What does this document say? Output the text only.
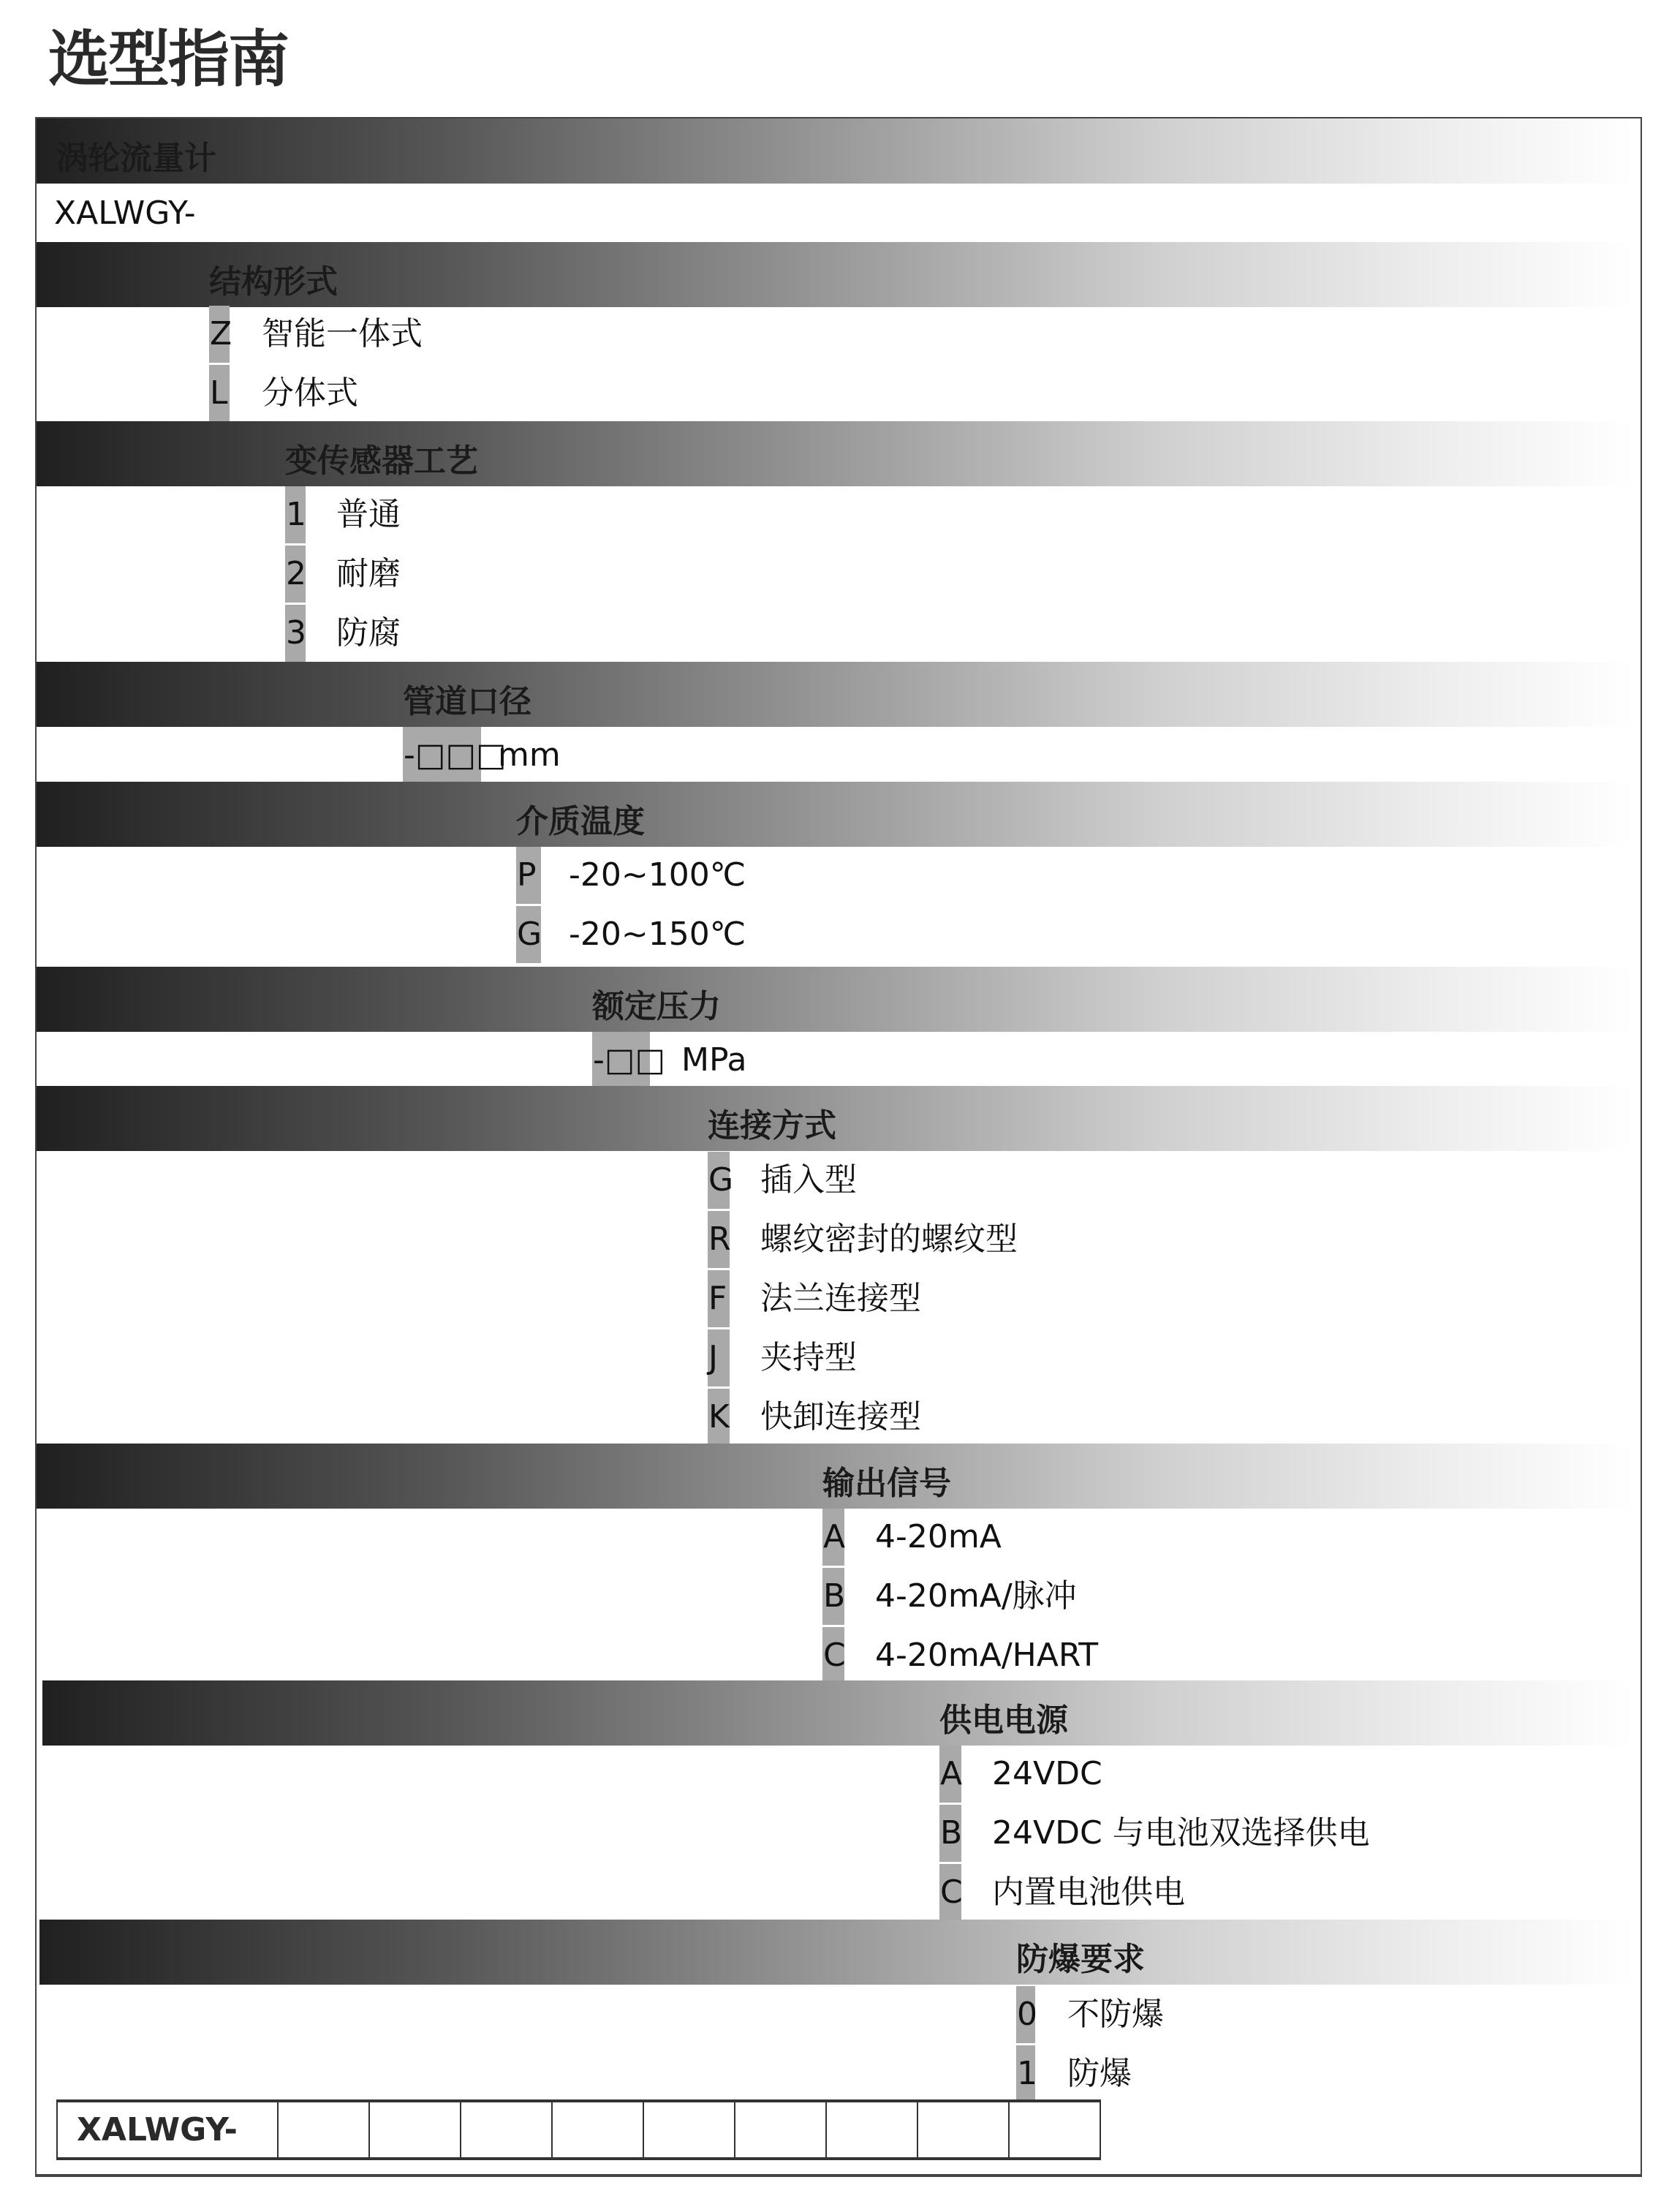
选型指南
涡轮流量计
XALWGY-
结构形式
Z 智能一体式
L 分体式
变传感器工艺
1 普通
2 耐磨
3 防腐
管道口径
-□□□
mm
介质温度
P -20~100℃
G -20~150℃
额定压力
-□□ MPa
连接方式
G 插入型
R 螺纹密封的螺纹型
F 法兰连接型
J	夹持型
K 快卸连接型
输出信号
A 4-20mA
B 4-20mA/脉冲
C 4-20mA/HART
供电电源
A 24VDC
B 24VDC 与电池双选择供电
C 内置电池供电
防爆要求
0 不防爆
1 防爆
XALWGY-
